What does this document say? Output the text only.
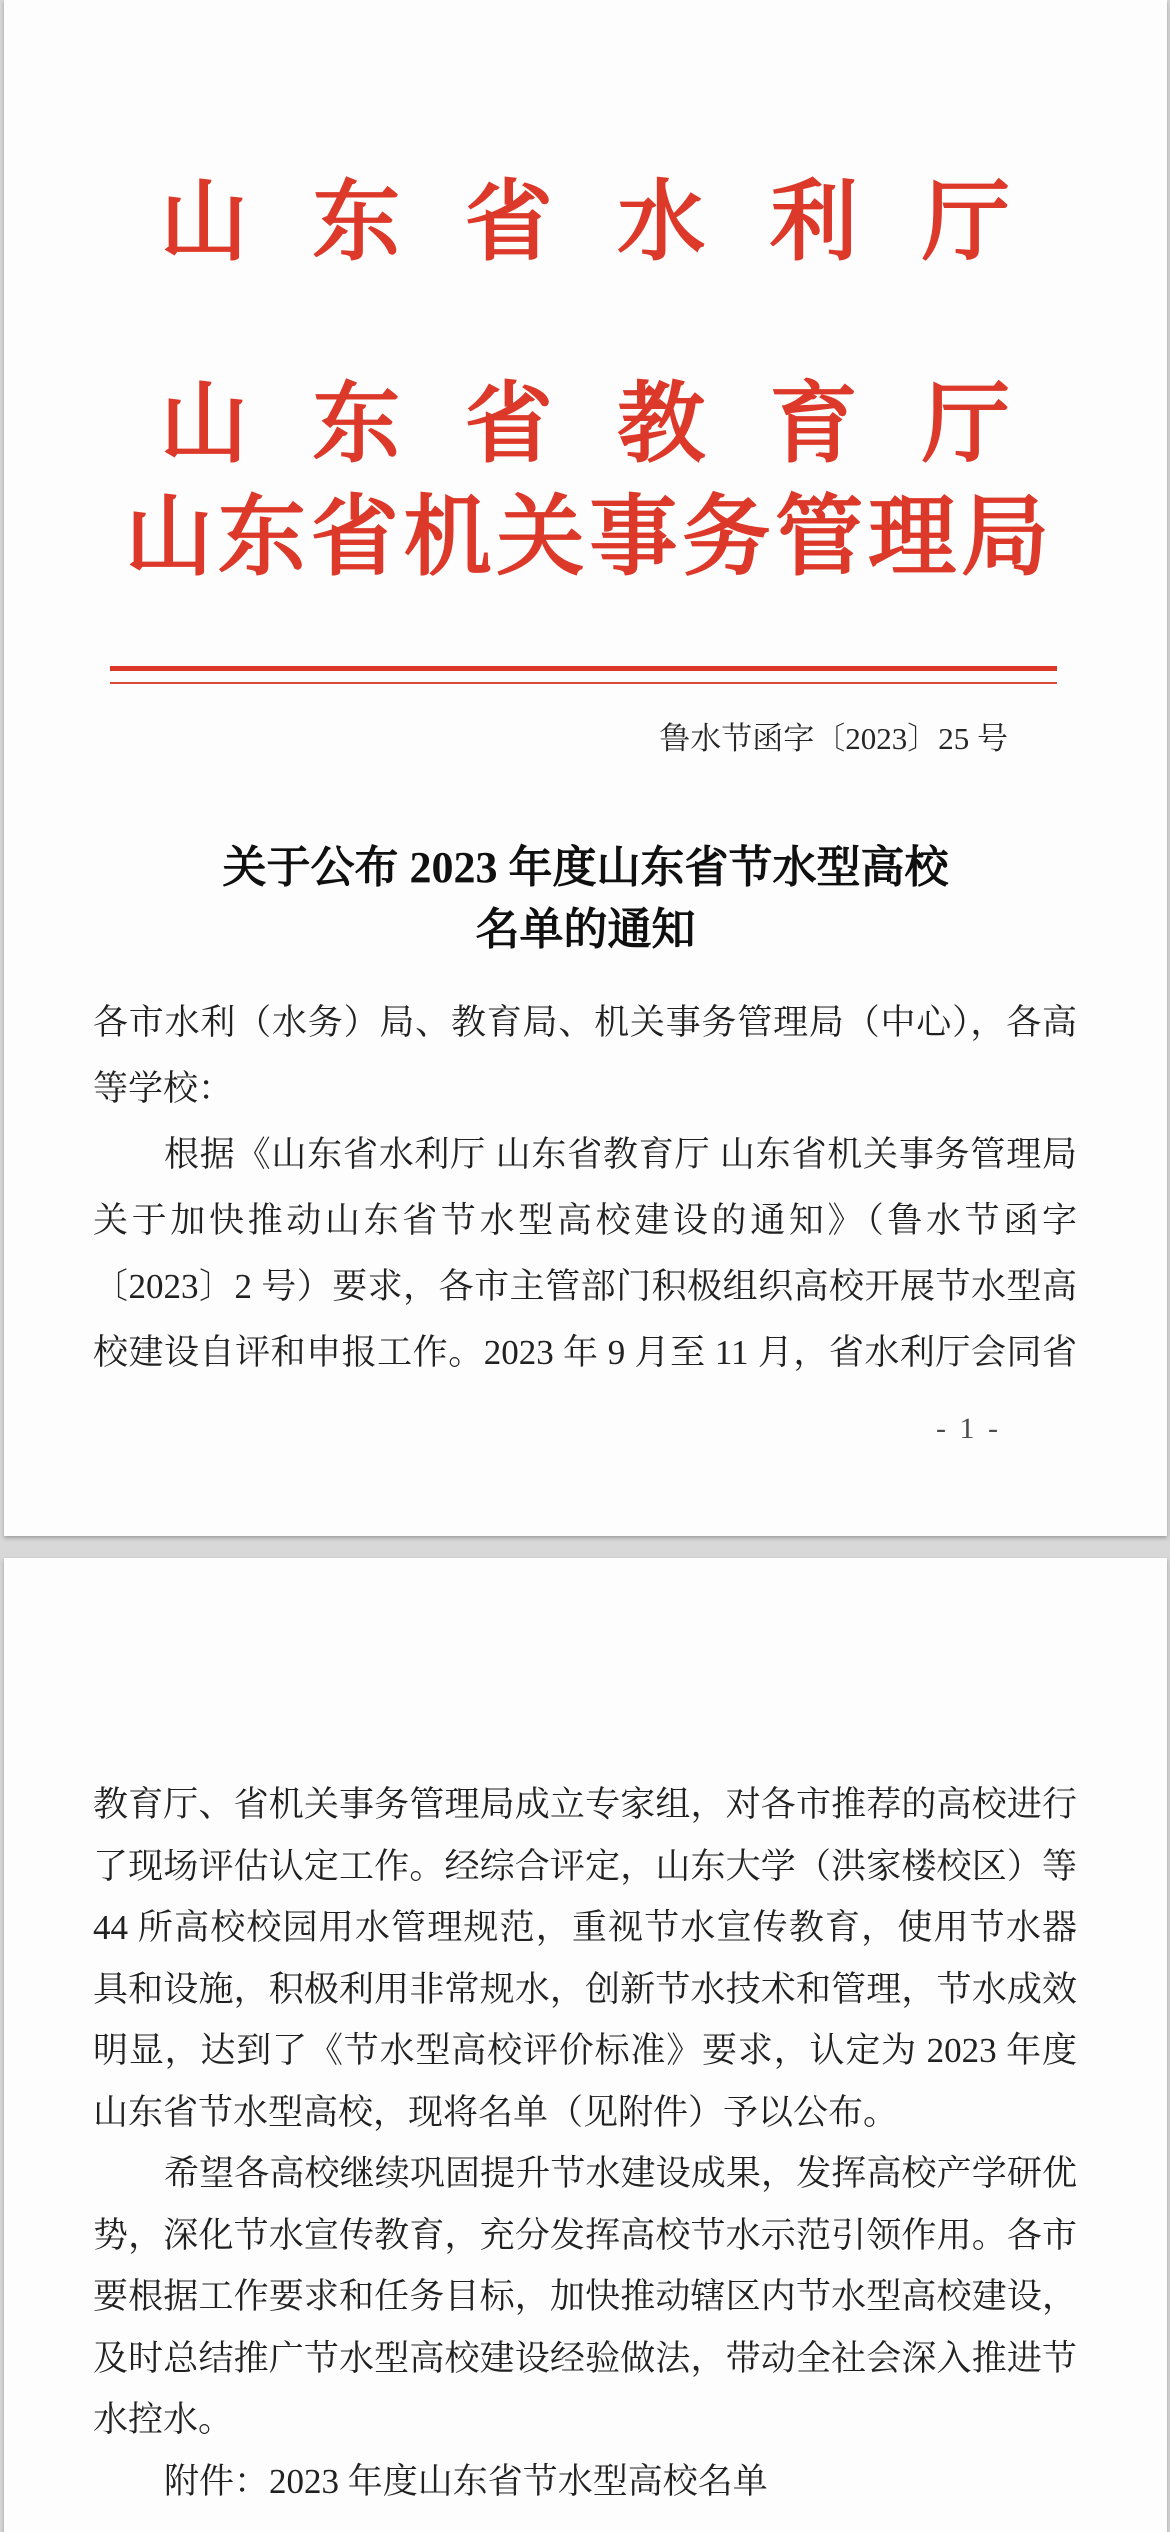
山东省水利厅
山东省教育厅
山东省机关事务管理局
鲁水节函字〔2023〕25 号
关于公布 2023 年度山东省节水型高校
名单的通知
各市水利（水务）局、教育局、机关事务管理局（中心），各高
等学校：
根据《山东省水利厅 山东省教育厅 山东省机关事务管理局
关于加快推动山东省节水型高校建设的通知》（鲁水节函字
〔2023〕2 号）要求，各市主管部门积极组织高校开展节水型高
校建设自评和申报工作。2023 年 9 月至 11 月，省水利厅会同省
- 1 -
教育厅、省机关事务管理局成立专家组，对各市推荐的高校进行
了现场评估认定工作。经综合评定，山东大学（洪家楼校区）等
44 所高校校园用水管理规范，重视节水宣传教育，使用节水器
具和设施，积极利用非常规水，创新节水技术和管理，节水成效
明显，达到了《节水型高校评价标准》要求，认定为 2023 年度
山东省节水型高校，现将名单（见附件）予以公布。
希望各高校继续巩固提升节水建设成果，发挥高校产学研优
势，深化节水宣传教育，充分发挥高校节水示范引领作用。各市
要根据工作要求和任务目标，加快推动辖区内节水型高校建设，
及时总结推广节水型高校建设经验做法，带动全社会深入推进节
水控水。
附件：2023 年度山东省节水型高校名单
